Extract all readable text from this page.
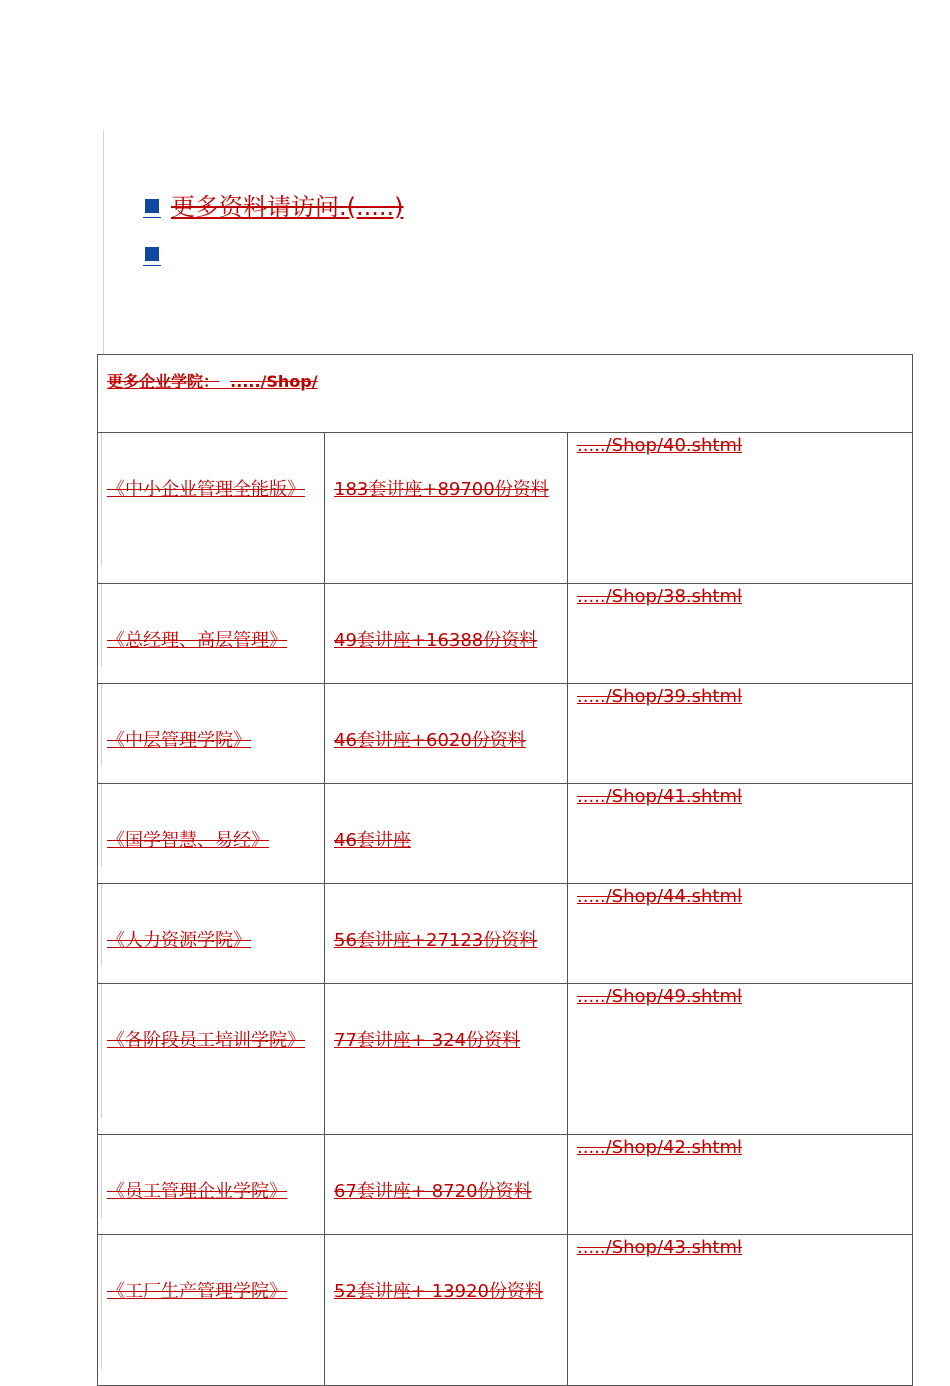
更多资料请访问.(.....)
更多企业学院： ...../Shop/		

《中小企业管理全能版》	183套讲座+89700份资料	...../Shop/40.shtml

《总经理、高层管理》	49套讲座+16388份资料	...../Shop/38.shtml

《中层管理学院》	46套讲座+6020份资料	...../Shop/39.shtml

《国学智慧、易经》	46套讲座	...../Shop/41.shtml

《人力资源学院》	56套讲座+27123份资料	...../Shop/44.shtml

《各阶段员工培训学院》	77套讲座+ 324份资料	...../Shop/49.shtml

《员工管理企业学院》	67套讲座+ 8720份资料	...../Shop/42.shtml

《工厂生产管理学院》	52套讲座+ 13920份资料	...../Shop/43.shtml
